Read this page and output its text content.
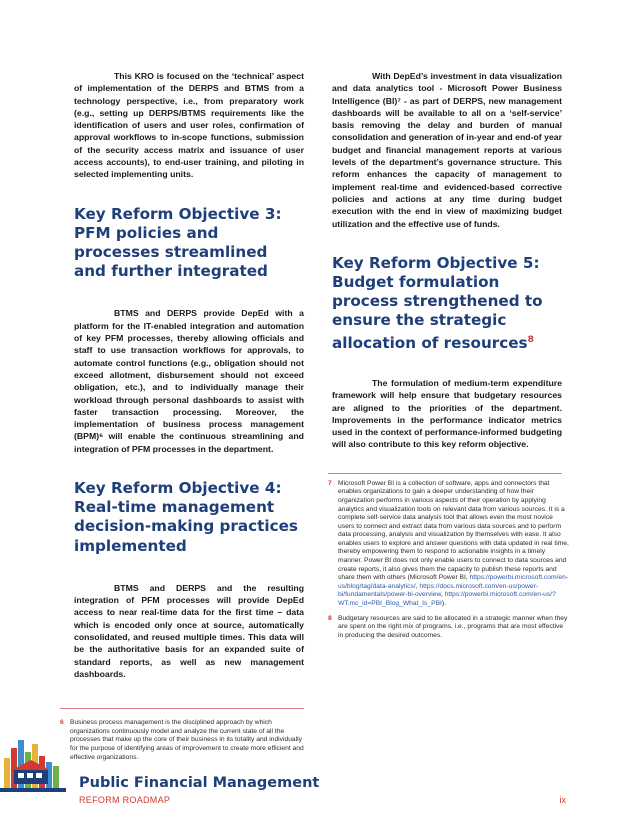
This KRO is focused on the ‘technical’ aspect of implementation of the DERPS and BTMS from a technology perspective, i.e., from preparatory work (e.g., setting up DERPS/BTMS requirements like the identification of users and user roles, confirmation of approval workflows to in-scope functions, submission of the security access matrix and issuance of user access accounts), to end-user training, and piloting in selected implementing units.

Key Reform Objective 3: PFM policies and processes streamlined and further integrated

BTMS and DERPS provide DepEd with a platform for the IT-enabled integration and automation of key PFM processes, thereby allowing officials and staff to use transaction workflows for approvals, to automate control functions (e.g., obligation should not exceed allotment, disbursement should not exceed obligation, etc.), and to individually manage their workload through personal dashboards to assist with faster transaction processing. Moreover, the implementation of business process management (BPM)⁶ will enable the continuous streamlining and integration of PFM processes in the department.

Key Reform Objective 4: Real-time management decision-making practices implemented

BTMS and DERPS and the resulting integration of PFM processes will provide DepEd access to near real-time data for the first time – data which is encoded only once at source, automatically consolidated, and reused multiple times. This data will be the authoritative basis for an expanded suite of standard reports, as well as new management dashboards.

6 Business process management is the disciplined approach by which organizations continuously model and analyze the current state of all the processes that make up the core of their business in its totality and individually for the purpose of identifying areas of improvement to create more efficient and effective organizations.

With DepEd’s investment in data visualization and data analytics tool - Microsoft Power Business Intelligence (BI)⁷ - as part of DERPS, new management dashboards will be available to all on a ‘self-service’ basis removing the delay and burden of manual consolidation and generation of in-year and end-of year budget and financial management reports at various levels of the department’s governance structure. This reform enhances the capacity of management to implement real-time and evidenced-based corrective policies and actions at any time during budget execution with the end in view of maximizing budget utilization and the effective use of funds.

Key Reform Objective 5: Budget formulation process strengthened to ensure the strategic allocation of resources$^8$

The formulation of medium-term expenditure framework will help ensure that budgetary resources are aligned to the priorities of the department. Improvements in the performance indicator metrics used in the context of performance-informed budgeting will also contribute to this key reform objective.

7 Microsoft Power BI is a collection of software, apps and connectors that enables organizations to gain a deeper understanding of how their organization performs in various aspects of their operation by applying analytics and visualization tools on relevant data from various sources. It is a complete self-service data analysis tool that allows even the most novice users to connect and extract data from various data sources and to perform data processing, analysis and visualization by themselves with ease. It also enables users to explore and answer questions with data updated in real time, thereby empowering them to respond to actionable insights in a timely manner. Power BI does not only enable users to connect to data sources and create reports, it also gives them the capacity to publish these reports and share them with others (Microsoft Power BI, https://powerbi.microsoft.com/en-us/blog/tag/data-analytics/, https://docs.microsoft.com/en-us/power-bi/fundamentals/power-bi-overview, https://powerbi.microsoft.com/en-us/?WT.mc_id=PBI_Blog_What_Is_PBI).
8 Budgetary resources are said to be allocated in a strategic manner when they are spent on the right mix of programs, i.e., programs that are most effective in producing the desired outcomes.
Public Financial Management
REFORM ROADMAP	ix
